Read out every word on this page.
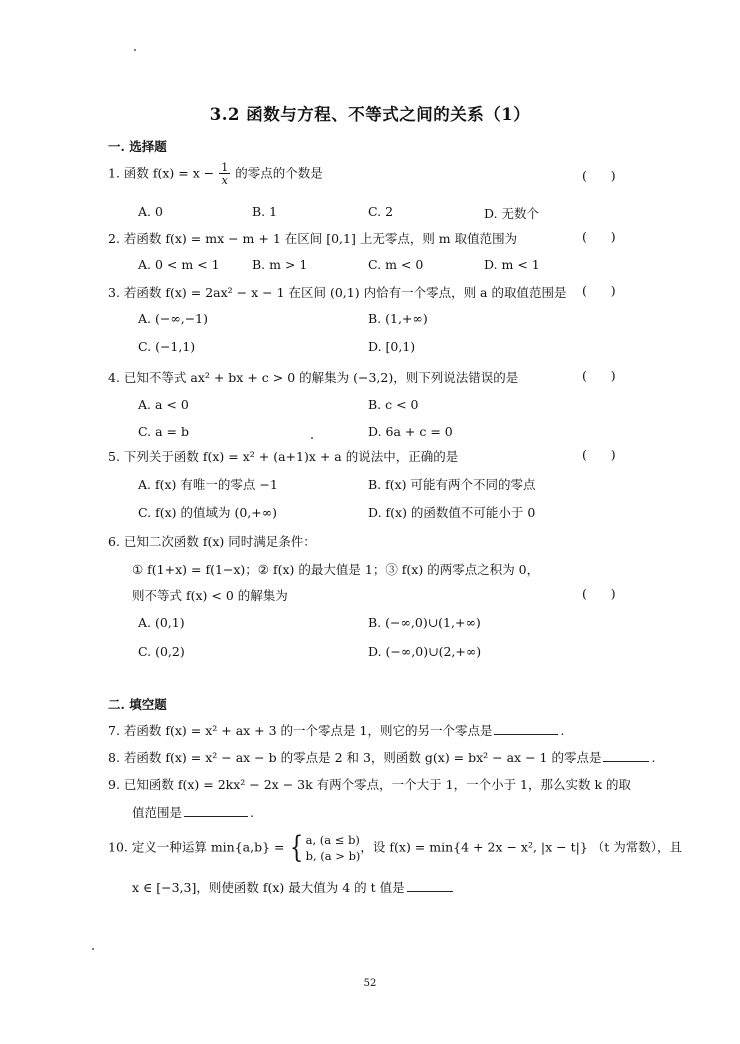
3.2 函数与方程、不等式之间的关系（1）
一. 选择题
1. 函数 $f(x) = x - \frac{1}{x}$ 的零点的个数是	(      )
A. 0	B. 1	C. 2	D. 无数个
2. 若函数 f(x) = mx − m + 1 在区间 [0,1] 上无零点，则 m 取值范围为	(      )
A. 0 < m < 1	B. m > 1	C. m < 0	D. m < 1
3. 若函数 f(x) = 2ax² − x − 1 在区间 (0,1) 内恰有一个零点，则 a 的取值范围是 (      )
A. (−∞,−1)	B. (1,+∞)
C. (−1,1)	D. [0,1)
4. 已知不等式 ax² + bx + c > 0 的解集为 (−3,2)，则下列说法错误的是	(      )
A. a < 0	B. c < 0
C. a = b	D. 6a + c = 0
5. 下列关于函数 f(x) = x² + (a+1)x + a 的说法中，正确的是	(      )
A. f(x) 有唯一的零点 −1	B. f(x) 可能有两个不同的零点
C. f(x) 的值域为 (0,+∞)	D. f(x) 的函数值不可能小于 0
6. 已知二次函数 f(x) 同时满足条件：
① f(1+x) = f(1−x)；② f(x) 的最大值是 1；③ f(x) 的两零点之积为 0，
则不等式 f(x) < 0 的解集为	(      )
A. (0,1)	B. (−∞,0)∪(1,+∞)
C. (0,2)	D. (−∞,0)∪(2,+∞)
二. 填空题
7. 若函数 f(x) = x² + ax + 3 的一个零点是 1，则它的另一个零点是	.
8. 若函数 f(x) = x² − ax − b 的零点是 2 和 3，则函数 g(x) = bx² − ax − 1 的零点是	.
9. 已知函数 f(x) = 2kx² − 2x − 3k 有两个零点，一个大于 1，一个小于 1，那么实数 k 的取
值范围是	.
10. 定义一种运算 min{a,b} = { a, (a ≤ b)
b, (a > b)
，设 f(x) = min{4 + 2x − x², |x − t|} （t 为常数），且
x ∈ [−3,3]，则使函数 f(x) 最大值为 4 的 t 值是
52
